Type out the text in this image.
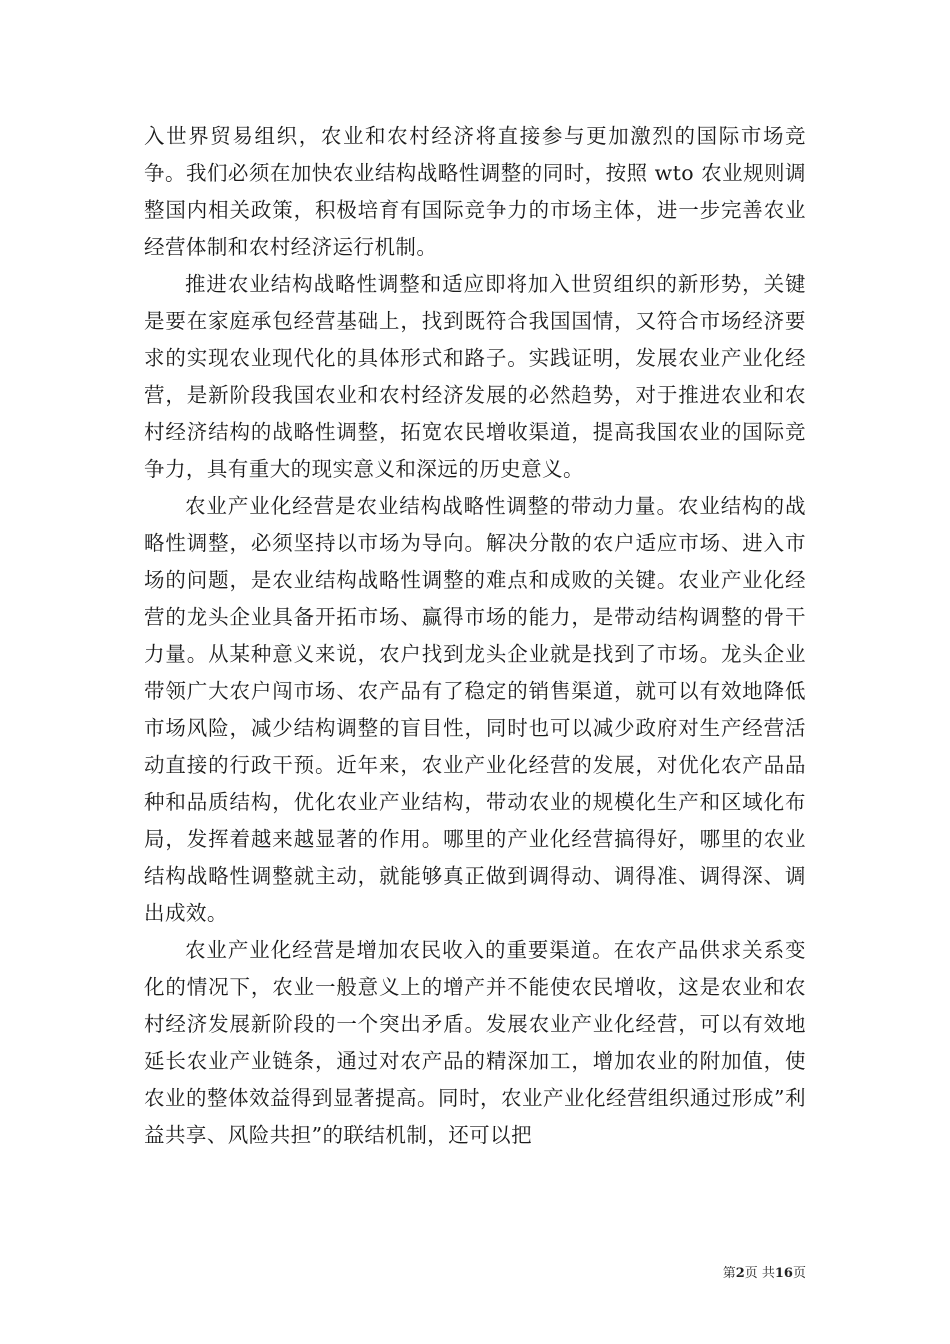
入世界贸易组织，农业和农村经济将直接参与更加激烈的国际市场竞争。我们必须在加快农业结构战略性调整的同时，按照 wto 农业规则调整国内相关政策，积极培育有国际竞争力的市场主体，进一步完善农业经营体制和农村经济运行机制。

推进农业结构战略性调整和适应即将加入世贸组织的新形势，关键是要在家庭承包经营基础上，找到既符合我国国情，又符合市场经济要求的实现农业现代化的具体形式和路子。实践证明，发展农业产业化经营，是新阶段我国农业和农村经济发展的必然趋势，对于推进农业和农村经济结构的战略性调整，拓宽农民增收渠道，提高我国农业的国际竞争力，具有重大的现实意义和深远的历史意义。

农业产业化经营是农业结构战略性调整的带动力量。农业结构的战略性调整，必须坚持以市场为导向。解决分散的农户适应市场、进入市场的问题，是农业结构战略性调整的难点和成败的关键。农业产业化经营的龙头企业具备开拓市场、赢得市场的能力，是带动结构调整的骨干力量。从某种意义来说，农户找到龙头企业就是找到了市场。龙头企业带领广大农户闯市场、农产品有了稳定的销售渠道，就可以有效地降低市场风险，减少结构调整的盲目性，同时也可以减少政府对生产经营活动直接的行政干预。近年来，农业产业化经营的发展，对优化农产品品种和品质结构，优化农业产业结构，带动农业的规模化生产和区域化布局，发挥着越来越显著的作用。哪里的产业化经营搞得好，哪里的农业结构战略性调整就主动，就能够真正做到调得动、调得准、调得深、调出成效。

农业产业化经营是增加农民收入的重要渠道。在农产品供求关系变化的情况下，农业一般意义上的增产并不能使农民增收，这是农业和农村经济发展新阶段的一个突出矛盾。发展农业产业化经营，可以有效地延长农业产业链条，通过对农产品的精深加工，增加农业的附加值，使农业的整体效益得到显著提高。同时，农业产业化经营组织通过形成”利益共享、风险共担”的联结机制，还可以把

第2页 共16页
